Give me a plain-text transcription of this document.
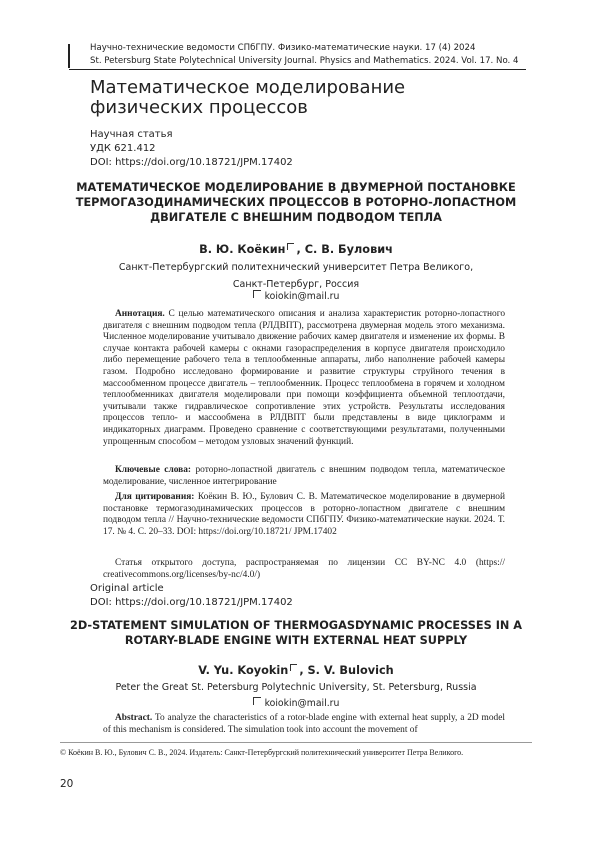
Научно-технические ведомости СПбГПУ. Физико-математические науки. 17 (4) 2024
St. Petersburg State Polytechnical University Journal. Physics and Mathematics. 2024. Vol. 17. No. 4
Математическое моделирование физических процессов
Научная статья
УДК 621.412
DOI: https://doi.org/10.18721/JPM.17402
МАТЕМАТИЧЕСКОЕ МОДЕЛИРОВАНИЕ В ДВУМЕРНОЙ ПОСТАНОВКЕ ТЕРМОГАЗОДИНАМИЧЕСКИХ ПРОЦЕССОВ В РОТОРНО-ЛОПАСТНОМ ДВИГАТЕЛЕ С ВНЕШНИМ ПОДВОДОМ ТЕПЛА
В. Ю. Коёкин , С. В. Булович
Санкт-Петербургский политехнический университет Петра Великого,
Санкт-Петербург, Россия
koiokin@mail.ru
Аннотация. С целью математического описания и анализа характеристик роторно-лопастного двигателя с внешним подводом тепла (РЛДВПТ), рассмотрена двумерная модель этого механизма. Численное моделирование учитывало движение рабочих камер двигателя и изменение их формы. В случае контакта рабочей камеры с окнами газораспределения в корпусе двигателя происходило либо перемещение рабочего тела в теплообменные аппараты, либо наполнение рабочей камеры газом. Подробно исследовано формирование и развитие структуры струйного течения в массообменном процессе двигатель – теплообменник. Процесс теплообмена в горячем и холодном теплообменниках двигателя моделировали при помощи коэффициента объемной теплоотдачи, учитывали также гидравлическое сопротивление этих устройств. Результаты исследования процессов тепло- и массообмена в РЛДВПТ были представлены в виде циклограмм и индикаторных диаграмм. Проведено сравнение с соответствующими результатами, полученными упрощенным способом – методом узловых значений функций.
Ключевые слова: роторно-лопастной двигатель с внешним подводом тепла, математическое моделирование, численное интегрирование
Для цитирования: Коёкин В. Ю., Булович С. В. Математическое моделирование в двумерной постановке термогазодинамических процессов в роторно-лопастном двигателе с внешним подводом тепла // Научно-технические ведомости СПбГПУ. Физико-математические науки. 2024. Т. 17. № 4. С. 20–33. DOI: https://doi.org/10.18721/ JPM.17402
Статья открытого доступа, распространяемая по лицензии CC BY-NC 4.0 (https:// creativecommons.org/licenses/by-nc/4.0/)
Original article
DOI: https://doi.org/10.18721/JPM.17402
2D-STATEMENT SIMULATION OF THERMOGASDYNAMIC PROCESSES IN A ROTARY-BLADE ENGINE WITH EXTERNAL HEAT SUPPLY
V. Yu. Koyokin , S. V. Bulovich
Peter the Great St. Petersburg Polytechnic University, St. Petersburg, Russia
koiokin@mail.ru
Abstract. To analyze the characteristics of a rotor-blade engine with external heat supply, a 2D model of this mechanism is considered. The simulation took into account the movement of
© Коёкин В. Ю., Булович С. В., 2024. Издатель: Санкт-Петербургский политехнический университет Петра Великого.
20
